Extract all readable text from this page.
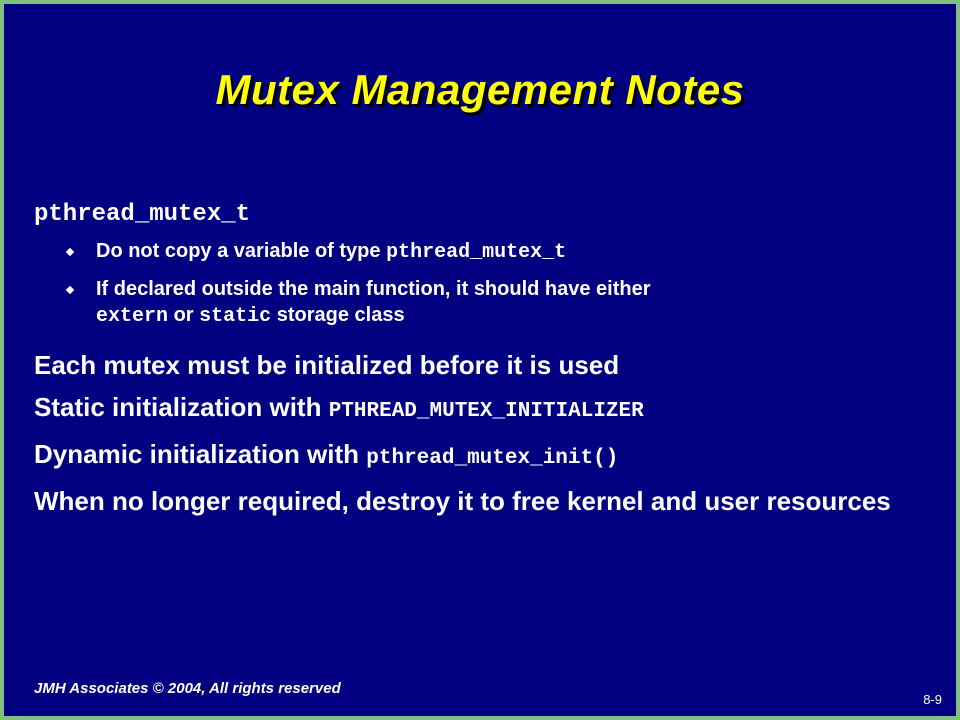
Mutex Management Notes
pthread_mutex_t
Do not copy a variable of type pthread_mutex_t
If declared outside the main function, it should have either
extern or static storage class
Each mutex must be initialized before it is used
Static initialization with PTHREAD_MUTEX_INITIALIZER
Dynamic initialization with pthread_mutex_init()
When no longer required, destroy it to free kernel and user resources
JMH Associates © 2004, All rights reserved
8-9
